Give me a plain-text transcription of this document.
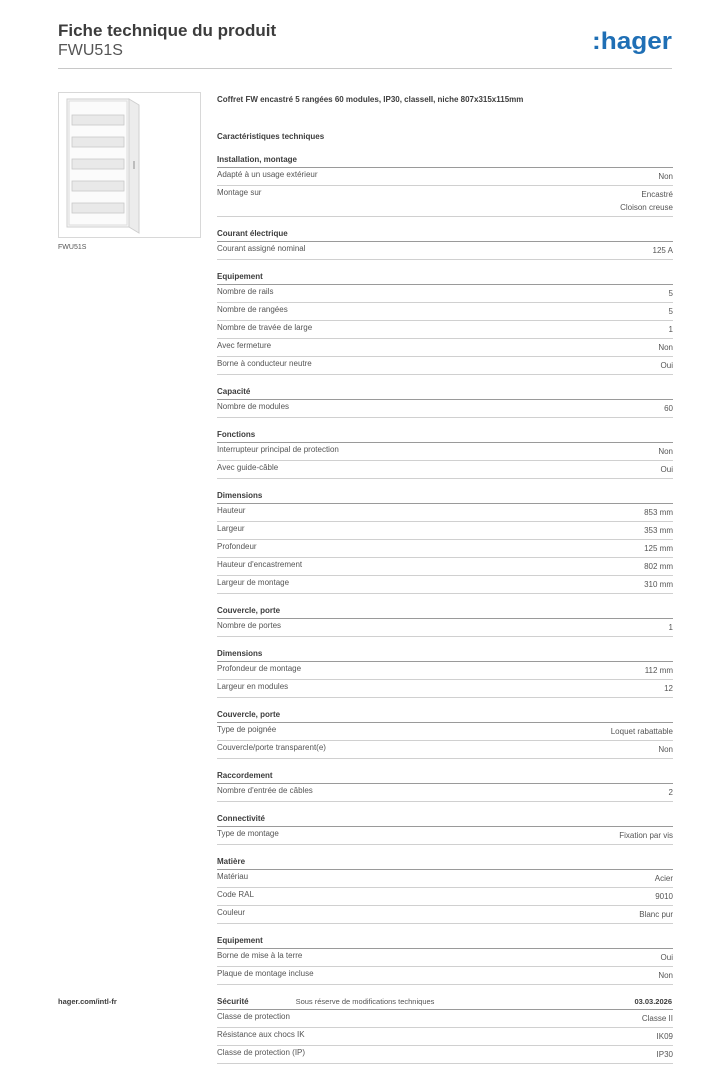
Fiche technique du produit
FWU51S	:hager
FWU51S
Coffret FW encastré 5 rangées 60 modules, IP30, classeII, niche 807x315x115mm
Caractéristiques techniques
Installation, montage
Adapté à un usage extérieur	Non
Montage sur	Encastré
Cloison creuse
Courant électrique
Courant assigné nominal	125 A
Equipement
Nombre de rails	5
Nombre de rangées	5
Nombre de travée de large	1
Avec fermeture	Non
Borne à conducteur neutre	Oui
Capacité
Nombre de modules	60
Fonctions
Interrupteur principal de protection	Non
Avec guide-câble	Oui
Dimensions
Hauteur	853 mm
Largeur	353 mm
Profondeur	125 mm
Hauteur d'encastrement	802 mm
Largeur de montage	310 mm
Couvercle, porte
Nombre de portes	1
Dimensions
Profondeur de montage	112 mm
Largeur en modules	12
Couvercle, porte
Type de poignée	Loquet rabattable
Couvercle/porte transparent(e)	Non
Raccordement
Nombre d'entrée de câbles	2
Connectivité
Type de montage	Fixation par vis
Matière
Matériau	Acier
Code RAL	9010
Couleur	Blanc pur
Equipement
Borne de mise à la terre	Oui
Plaque de montage incluse	Non
Sécurité
Classe de protection	Classe II
Résistance aux chocs IK	IK09
Classe de protection (IP)	IP30
hager.com/intl-fr	Sous réserve de modifications techniques	03.03.2026
